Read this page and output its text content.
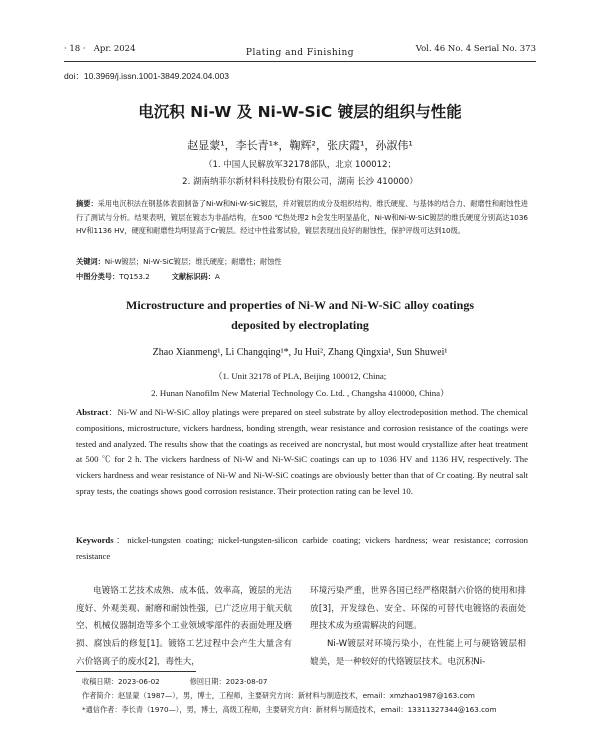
· 18 · Apr. 2024	Plating and Finishing	Vol. 46 No. 4 Serial No. 373
doi：10.3969/j.issn.1001-3849.2024.04.003
电沉积 Ni-W 及 Ni-W-SiC 镀层的组织与性能
赵显蒙¹，李长青¹*，鞠辉²，张庆霞¹，孙淑伟¹
（1. 中国人民解放军32178部队，北京 100012；
2. 湖南纳菲尔新材料科技股份有限公司，湖南 长沙 410000）
摘要：采用电沉积法在钢基体表面制备了Ni-W和Ni-W-SiC镀层，并对镀层的成分及组织结构、维氏硬度、与基体的结合力、耐磨性和耐蚀性进行了测试与分析。结果表明，镀层在镀态为非晶结构，在500 ℃热处理2 h会发生明显晶化，Ni-W和Ni-W-SiC镀层的维氏硬度分别高达1036 HV和1136 HV，硬度和耐磨性均明显高于Cr镀层。经过中性盐雾试验，镀层表现出良好的耐蚀性，保护评级可达到10级。
关键词：Ni-W镀层；Ni-W-SiC镀层；维氏硬度；耐磨性；耐蚀性
中图分类号：TQ153.2	文献标识码：A
Microstructure and properties of Ni-W and Ni-W-SiC alloy coatings
deposited by electroplating
Zhao Xianmeng¹, Li Changqing¹*, Ju Hui², Zhang Qingxia¹, Sun Shuwei¹
（1. Unit 32178 of PLA, Beijing 100012, China;
2. Hunan Nanofilm New Material Technology Co. Ltd. , Changsha 410000, China）

Abstract：Ni-W and Ni-W-SiC alloy platings were prepared on steel substrate by alloy electrodeposition method. The chemical compositions, microstructure, vickers hardness, bonding strength, wear resistance and corrosion resistance of the coatings were tested and analyzed. The results show that the coatings as received are noncrystal, but most would crystallize after heat treatment at 500 ℃ for 2 h. The vickers hardness of Ni-W and Ni-W-SiC coatings can up to 1036 HV and 1136 HV, respectively. The vickers hardness and wear resistance of Ni-W and Ni-W-SiC coatings are obviously better than that of Cr coating. By neutral salt spray tests, the coatings shows good corrosion resistance. Their protection rating can be level 10.

Keywords：nickel-tungsten coating; nickel-tungsten-silicon carbide coating; vickers hardness; wear resistance; corrosion resistance

电镀铬工艺技术成熟、成本低、效率高，镀层的光洁度好、外观美观、耐磨和耐蚀性强，已广泛应用于航天航空、机械仪器制造等多个工业领域零部件的表面处理及磨损、腐蚀后的修复[1]。镀铬工艺过程中会产生大量含有六价铬离子的废水[2]，毒性大，

环境污染严重，世界各国已经严格限制六价铬的使用和排放[3]，开发绿色、安全、环保的可替代电镀铬的表面处理技术成为亟需解决的问题。

Ni-W镀层对环境污染小，在性能上可与硬铬镀层相媲美，是一种较好的代铬镀层技术。电沉积Ni-

收稿日期：2023-06-02	修回日期：2023-08-07
作者简介：赵显蒙（1987—），男，博士，工程师，主要研究方向：新材料与制造技术，email：xmzhao1987@163.com
*通信作者：李长青（1970—），男，博士，高级工程师，主要研究方向：新材料与制造技术，email：13311327344@163.com
